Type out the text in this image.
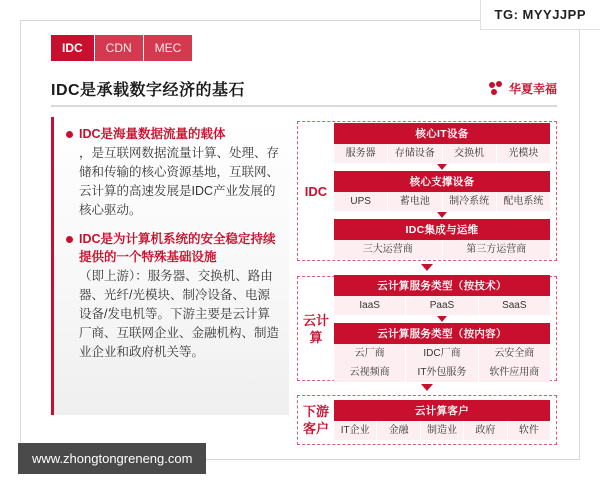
IDC	CDN	MEC
IDC是承载数字经济的基石	华夏幸福
IDC是海量数据流量的载体
，是互联网数据流量计算、处理、存储和传输的核心资源基地，互联网、云计算的高速发展是IDC产业发展的核心驱动。
IDC是为计算机系统的安全稳定持续提供的一个特殊基础设施
（即上游）：服务器、交换机、路由器、光纤/光模块、制冷设备、电源设备/发电机等。下游主要是云计算厂商、互联网企业、金融机构、制造业企业和政府机关等。
IDC
核心IT设备
服务器	存储设备	交换机	光模块
核心支撑设备
UPS	蓄电池	制冷系统	配电系统
IDC集成与运维
三大运营商	第三方运营商
云计算
云计算服务类型（按技术）
IaaS	PaaS	SaaS
云计算服务类型（按内容）
云厂商	IDC厂商	云安全商
云视频商	IT外包服务	软件应用商
下游客户
云计算客户
IT企业	金融	制造业	政府	软件
TG: MYYJJPP
www.zhongtongreneng.com
